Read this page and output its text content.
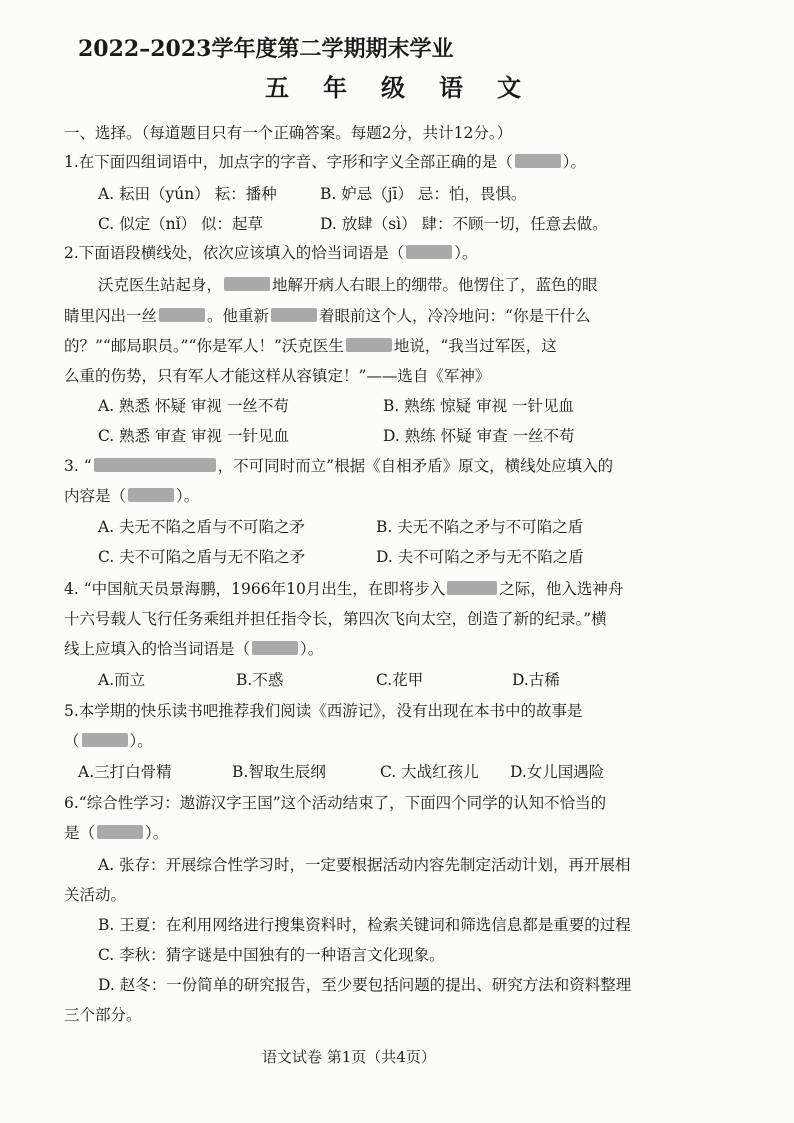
2022–2023学年度第二学期期末学业
五年级语文
一、选择。（每道题目只有一个正确答案。每题2分，共计12分。）
1.在下面四组词语中，加点字的字音、字形和字义全部正确的是（	）。
A. 耘田（yún） 耘：播种	B. 妒忌（jī） 忌：怕，畏惧。
C. 似定（nǐ） 似：起草	D. 放肆（sì） 肆：不顾一切，任意去做。
2.下面语段横线处，依次应该填入的恰当词语是（	）。
沃克医生站起身，	地解开病人右眼上的绷带。他愣住了，蓝色的眼
睛里闪出一丝	。他重新	着眼前这个人，冷冷地问：“你是干什么
的？”“邮局职员。”“你是军人！”沃克医生	地说，“我当过军医，这
么重的伤势，只有军人才能这样从容镇定！”——选自《军神》
A. 熟悉 怀疑 审视 一丝不苟	B. 熟练 惊疑 审视 一针见血
C. 熟悉 审查 审视 一针见血	D. 熟练 怀疑 审查 一丝不苟
3. “	，不可同时而立”根据《自相矛盾》原文，横线处应填入的
内容是（	）。
A. 夫无不陷之盾与不可陷之矛	B. 夫无不陷之矛与不可陷之盾
C. 夫不可陷之盾与无不陷之矛	D. 夫不可陷之矛与无不陷之盾
4. “中国航天员景海鹏，1966年10月出生，在即将步入	之际，他入选神舟
十六号载人飞行任务乘组并担任指令长，第四次飞向太空，创造了新的纪录。”横
线上应填入的恰当词语是（	）。
A.而立	B.不惑	C.花甲	D.古稀
5.本学期的快乐读书吧推荐我们阅读《西游记》，没有出现在本书中的故事是
（	）。
A.三打白骨精	B.智取生辰纲	C. 大战红孩儿 D.女儿国遇险
6.“综合性学习：遨游汉字王国”这个活动结束了，下面四个同学的认知不恰当的
是（	）。
A. 张存：开展综合性学习时，一定要根据活动内容先制定活动计划，再开展相
关活动。
B. 王夏：在利用网络进行搜集资料时，检索关键词和筛选信息都是重要的过程
C. 李秋：猜字谜是中国独有的一种语言文化现象。
D. 赵冬：一份简单的研究报告，至少要包括问题的提出、研究方法和资料整理
三个部分。
语文试卷 第1页（共4页）
